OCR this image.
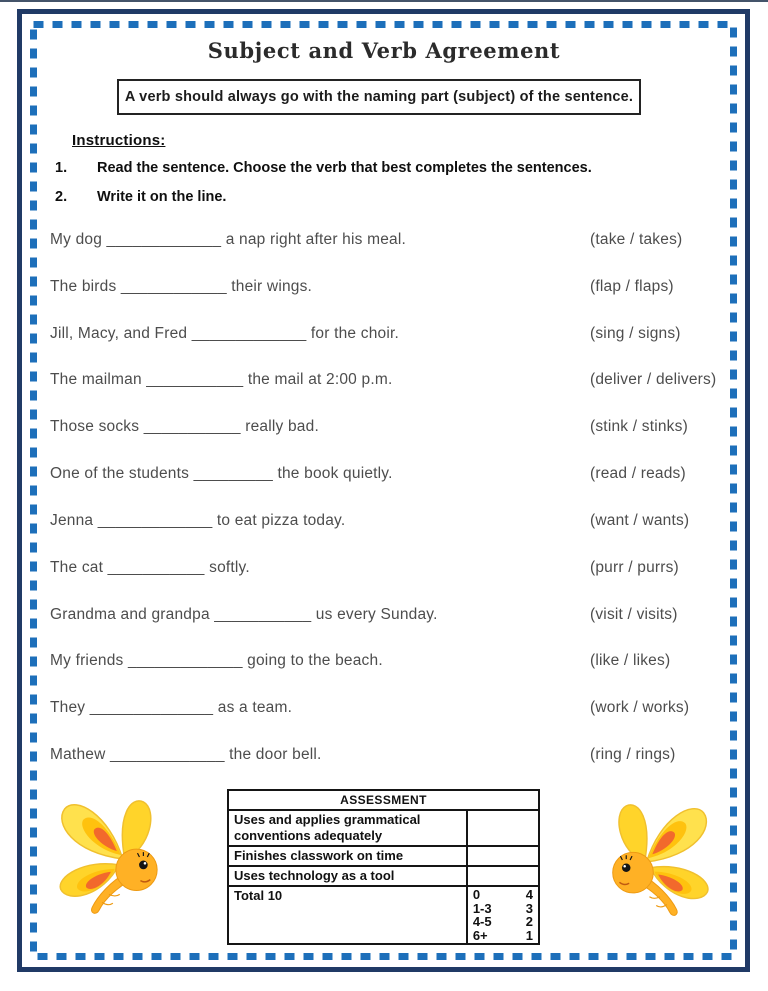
Subject and Verb Agreement
A verb should always go with the naming part (subject) of the sentence.
Instructions:
1. Read the sentence. Choose the verb that best completes the sentences.
2. Write it on the line.
My dog _____________ a nap right after his meal.	(take / takes)
The birds ____________ their wings.	(flap / flaps)
Jill, Macy, and Fred _____________ for the choir.	(sing / signs)
The mailman ___________ the mail at 2:00 p.m.	(deliver / delivers)
Those socks ___________ really bad.	(stink / stinks)
One of the students _________ the book quietly.	(read / reads)
Jenna _____________ to eat pizza today.	(want / wants)
The cat ___________ softly.	(purr / purrs)
Grandma and grandpa ___________ us every Sunday.	(visit / visits)
My friends _____________ going to the beach.	(like / likes)
They ______________ as a team.	(work / works)
Mathew _____________ the door bell.	(ring / rings)
ASSESSMENT	
Uses and applies grammatical conventions adequately	
Finishes classwork on time	
Uses technology as a tool	
Total 10	0	4
1-3	3
4-5	2
6+	1
